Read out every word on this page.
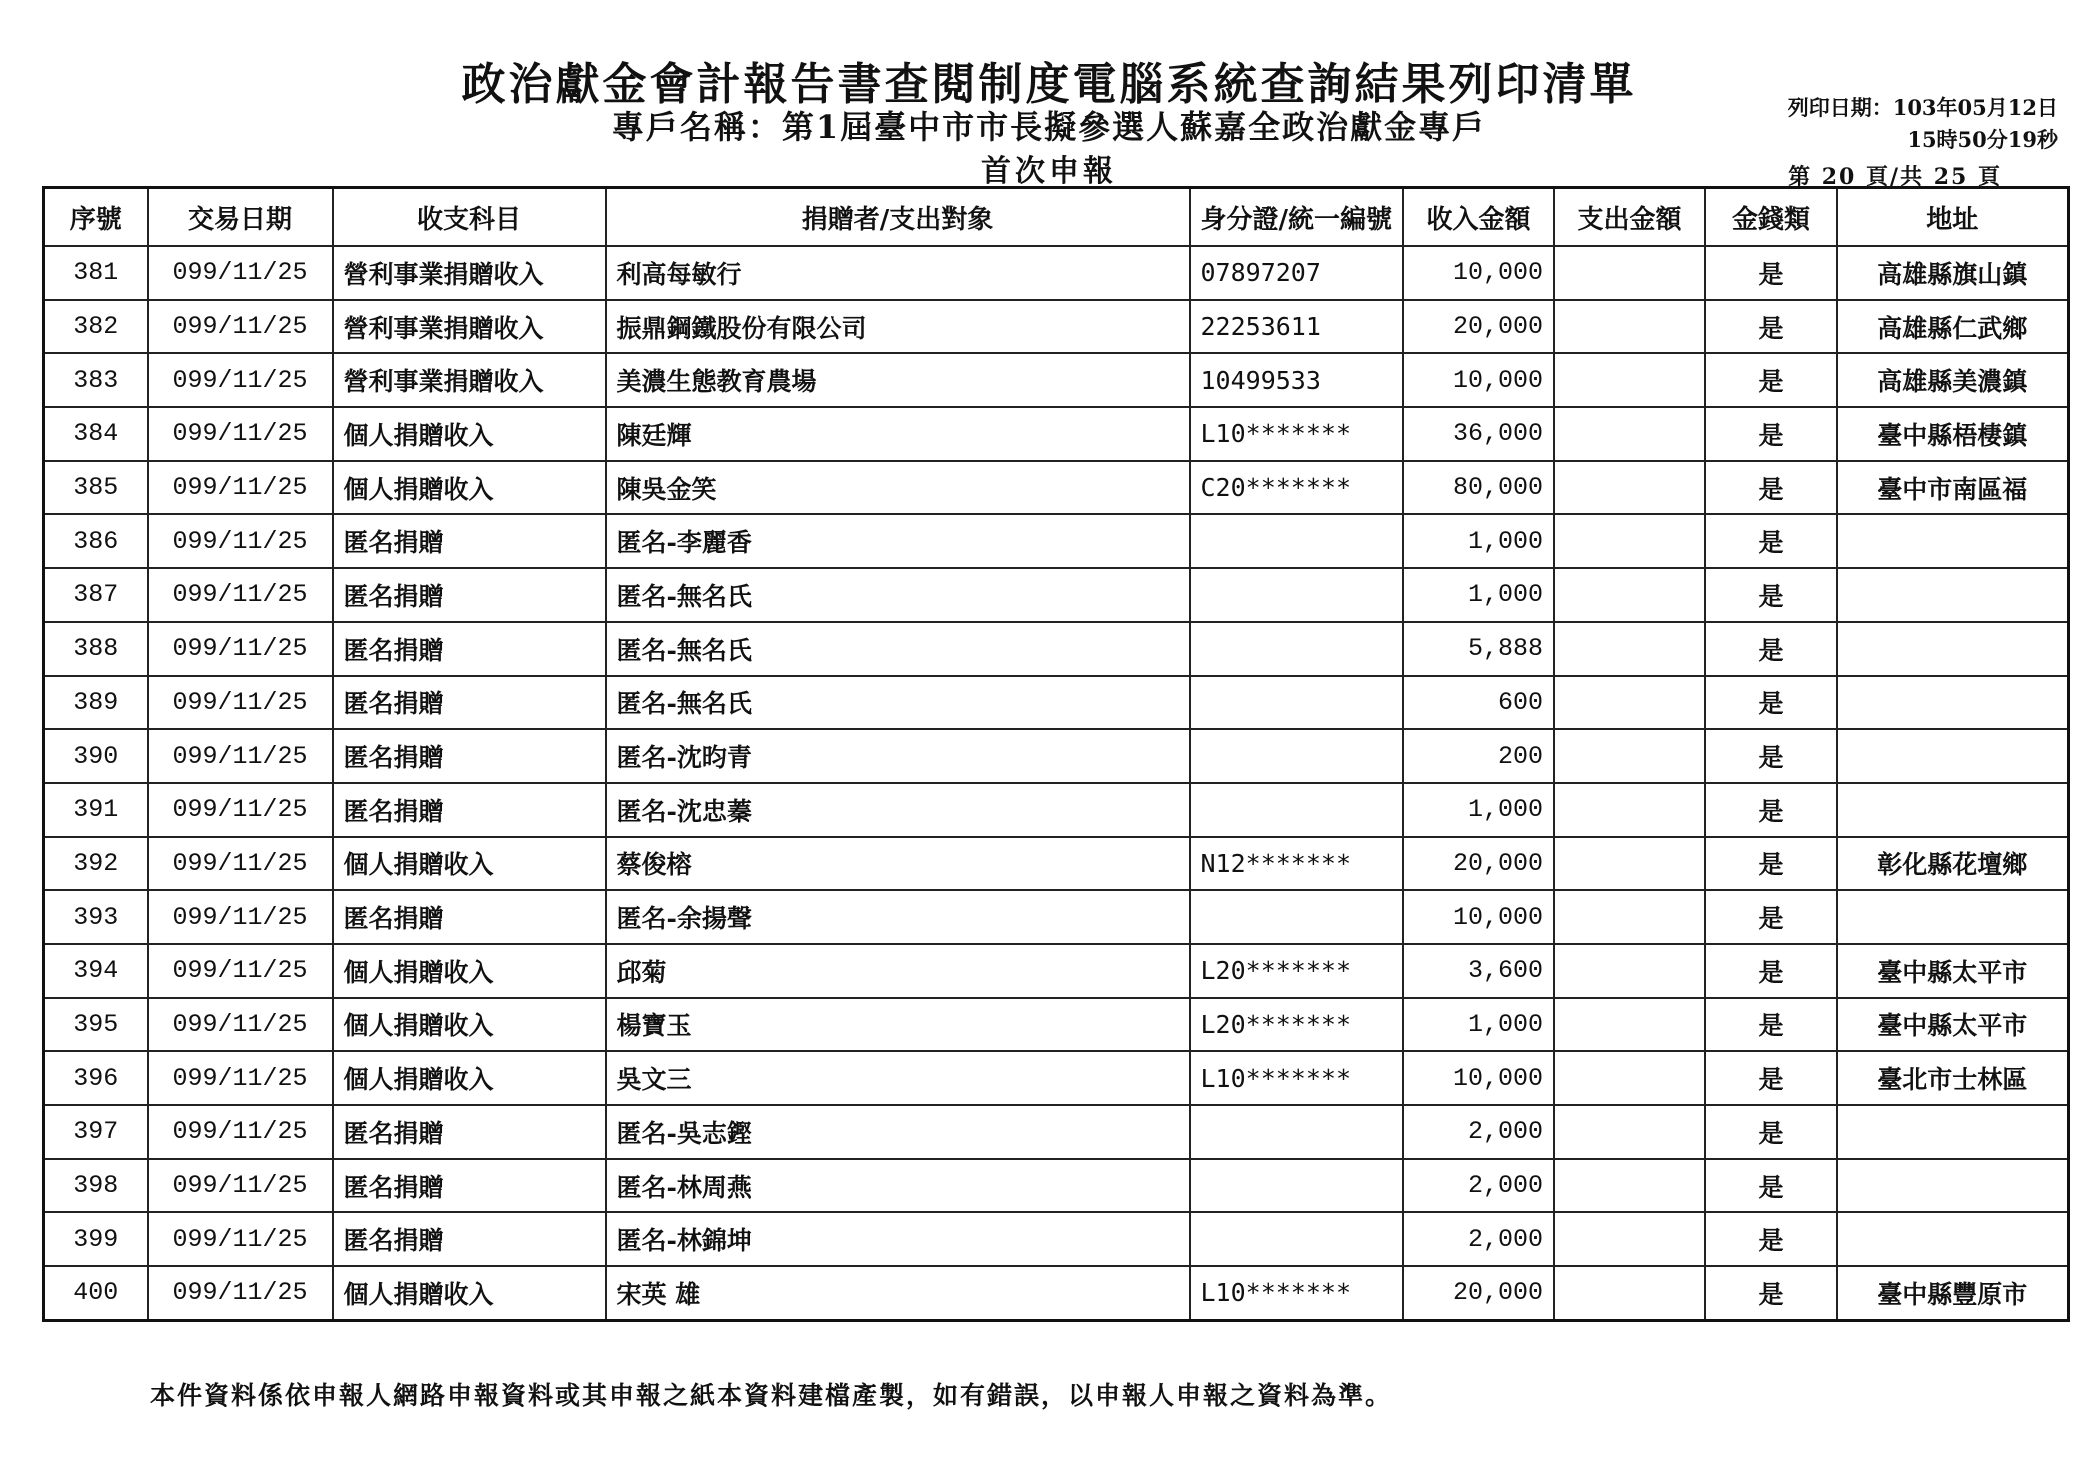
政治獻金會計報告書查閱制度電腦系統查詢結果列印清單
專戶名稱：第1屆臺中市市長擬參選人蘇嘉全政治獻金專戶
首次申報
列印日期：103年05月12日
15時50分19秒
第 20 頁/共 25 頁
序號	交易日期	收支科目	捐贈者/支出對象	身分證/統一編號	收入金額	支出金額	金錢類	地址
381	099/11/25	營利事業捐贈收入	利高每敏行	07897207	10,000		是	高雄縣旗山鎮
382	099/11/25	營利事業捐贈收入	振鼎鋼鐵股份有限公司	22253611	20,000		是	高雄縣仁武鄉
383	099/11/25	營利事業捐贈收入	美濃生態教育農場	10499533	10,000		是	高雄縣美濃鎮
384	099/11/25	個人捐贈收入	陳廷輝	L10*******	36,000		是	臺中縣梧棲鎮
385	099/11/25	個人捐贈收入	陳吳金笑	C20*******	80,000		是	臺中市南區福
386	099/11/25	匿名捐贈	匿名-李麗香		1,000		是	
387	099/11/25	匿名捐贈	匿名-無名氏		1,000		是	
388	099/11/25	匿名捐贈	匿名-無名氏		5,888		是	
389	099/11/25	匿名捐贈	匿名-無名氏		600		是	
390	099/11/25	匿名捐贈	匿名-沈昀青		200		是	
391	099/11/25	匿名捐贈	匿名-沈忠蓁		1,000		是	
392	099/11/25	個人捐贈收入	蔡俊榕	N12*******	20,000		是	彰化縣花壇鄉
393	099/11/25	匿名捐贈	匿名-余揚聲		10,000		是	
394	099/11/25	個人捐贈收入	邱菊	L20*******	3,600		是	臺中縣太平市
395	099/11/25	個人捐贈收入	楊寶玉	L20*******	1,000		是	臺中縣太平市
396	099/11/25	個人捐贈收入	吳文三	L10*******	10,000		是	臺北市士林區
397	099/11/25	匿名捐贈	匿名-吳志鏗		2,000		是	
398	099/11/25	匿名捐贈	匿名-林周燕		2,000		是	
399	099/11/25	匿名捐贈	匿名-林錦坤		2,000		是	
400	099/11/25	個人捐贈收入	宋英 雄	L10*******	20,000		是	臺中縣豐原市
本件資料係依申報人網路申報資料或其申報之紙本資料建檔產製，如有錯誤，以申報人申報之資料為準。
